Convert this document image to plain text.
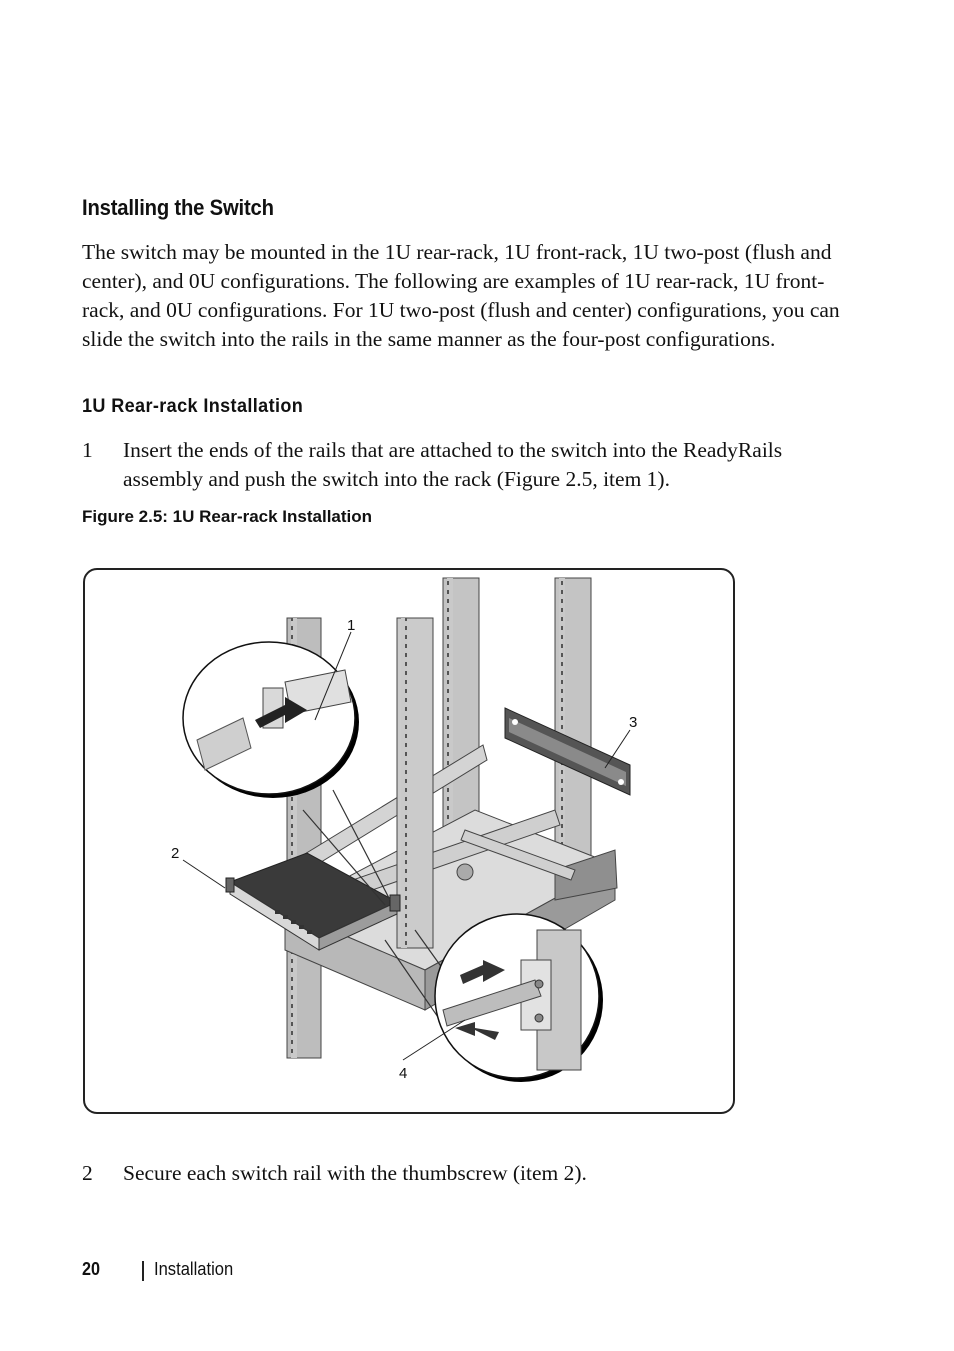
Installing the Switch
The switch may be mounted in the 1U rear-rack, 1U front-rack, 1U two-post (flush and center), and 0U configurations. The following are examples of 1U rear-rack, 1U front-rack, and 0U configurations. For 1U two-post (flush and center) configurations, you can slide the switch into the rails in the same manner as the four-post configurations.
1U Rear-rack Installation
1 Insert the ends of the rails that are attached to the switch into the ReadyRails assembly and push the switch into the rack (Figure 2.5, item 1).
Figure 2.5: 1U Rear-rack Installation
1
2
3
4
2 Secure each switch rail with the thumbscrew (item 2).
20	Installation
